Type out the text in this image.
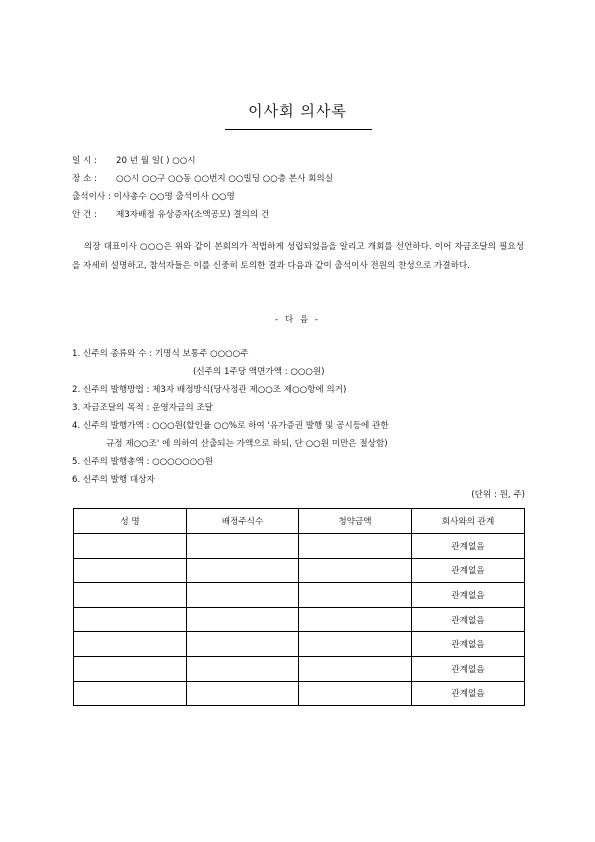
이사회 의사록
일 시 : 20 년 월 일( ) ○○시
장 소 : ○○시 ○○구 ○○동 ○○번지 ○○빌딩 ○○층 본사 회의실
출석이사 : 이사총수 ○○명 출석이사 ○○명
안 건 : 제3자배정 유상증자(소액공모) 결의의 건
의장 대표이사 ○○○은 위와 같이 본회의가 적법하게 성립되었음을 알리고 개회를 선언하다. 이어 자금조달의 필요성을 자세히 설명하고, 참석자들은 이를 신중히 토의한 결과 다음과 같이 출석이사 전원의 찬성으로 가결하다.
- 다 음 -
1. 신주의 종류와 수 : 기명식 보통주 ○○○○주
(신주의 1주당 액면가액 : ○○○원)
2. 신주의 발행방법 : 제3자 배정방식(당사정관 제○○조 제○○항에 의거)
3. 자금조달의 목적 : 운영자금의 조달
4. 신주의 발행가액 : ○○○원(할인율 ○○%로 하여 '유가증권 발행 및 공시등에 관한
규정 제○○조' 에 의하여 산출되는 가액으로 하되, 단 ○○원 미만은 절상함)
5. 신주의 발행총액 : ○○○○○○○원
6. 신주의 발행 대상자
(단위 : 원, 주)
성 명	배정주식수	청약금액	회사와의 관계
			관계없음
			관계없음
			관계없음
			관계없음
			관계없음
			관계없음
			관계없음
